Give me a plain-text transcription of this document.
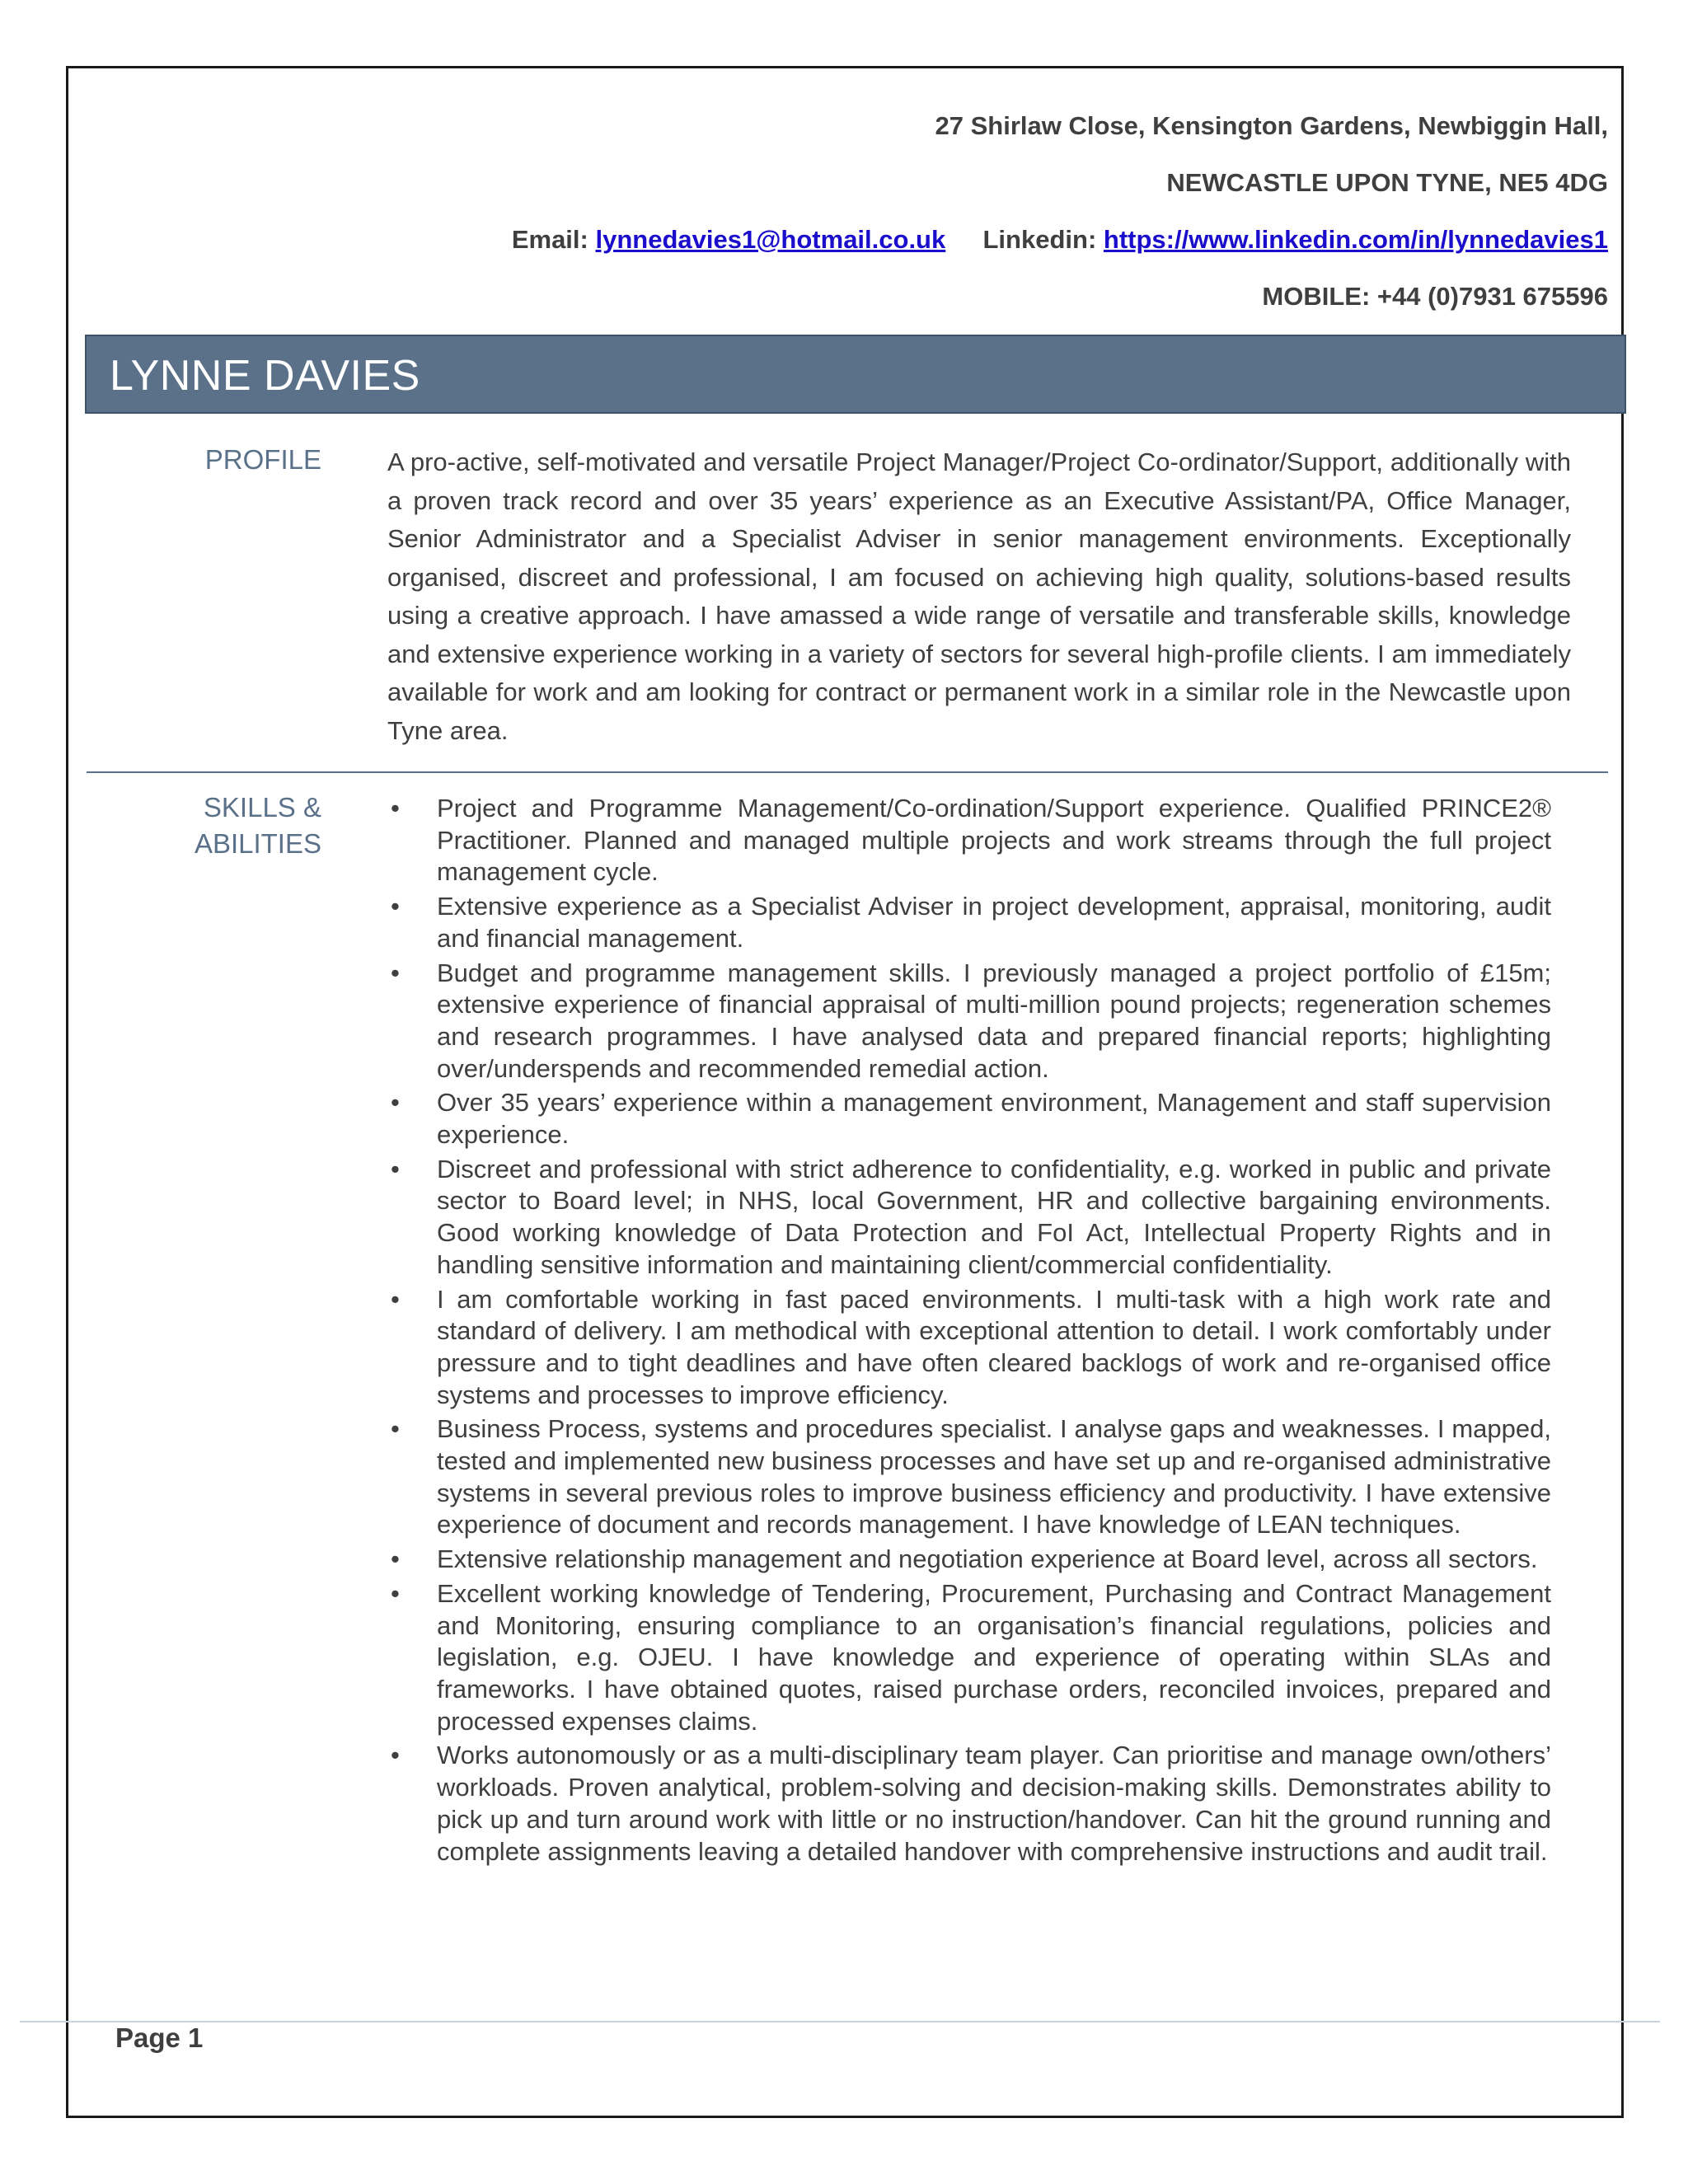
27 Shirlaw Close, Kensington Gardens, Newbiggin Hall,
NEWCASTLE UPON TYNE, NE5 4DG
Email: lynnedavies1@hotmail.co.uk Linkedin: https://www.linkedin.com/in/lynnedavies1
MOBILE: +44 (0)7931 675596
LYNNE DAVIES
PROFILE	A pro-active, self-motivated and versatile Project Manager/Project Co-ordinator/Support, additionally with a proven track record and over 35 years’ experience as an Executive Assistant/PA, Office Manager, Senior Administrator and a Specialist Adviser in senior management environments. Exceptionally organised, discreet and professional, I am focused on achieving high quality, solutions-based results using a creative approach. I have amassed a wide range of versatile and transferable skills, knowledge and extensive experience working in a variety of sectors for several high-profile clients. I am immediately available for work and am looking for contract or permanent work in a similar role in the Newcastle upon Tyne area.
SKILLS &
ABILITIES
• Project and Programme Management/Co-ordination/Support experience. Qualified PRINCE2® Practitioner. Planned and managed multiple projects and work streams through the full project management cycle.
• Extensive experience as a Specialist Adviser in project development, appraisal, monitoring, audit and financial management.
• Budget and programme management skills. I previously managed a project portfolio of £15m; extensive experience of financial appraisal of multi-million pound projects; regeneration schemes and research programmes. I have analysed data and prepared financial reports; highlighting over/underspends and recommended remedial action.
• Over 35 years’ experience within a management environment, Management and staff supervision experience.
• Discreet and professional with strict adherence to confidentiality, e.g. worked in public and private sector to Board level; in NHS, local Government, HR and collective bargaining environments. Good working knowledge of Data Protection and FoI Act, Intellectual Property Rights and in handling sensitive information and maintaining client/commercial confidentiality.
• I am comfortable working in fast paced environments. I multi-task with a high work rate and standard of delivery. I am methodical with exceptional attention to detail. I work comfortably under pressure and to tight deadlines and have often cleared backlogs of work and re-organised office systems and processes to improve efficiency.
• Business Process, systems and procedures specialist. I analyse gaps and weaknesses. I mapped, tested and implemented new business processes and have set up and re-organised administrative systems in several previous roles to improve business efficiency and productivity. I have extensive experience of document and records management. I have knowledge of LEAN techniques.
• Extensive relationship management and negotiation experience at Board level, across all sectors.
• Excellent working knowledge of Tendering, Procurement, Purchasing and Contract Management and Monitoring, ensuring compliance to an organisation’s financial regulations, policies and legislation, e.g. OJEU. I have knowledge and experience of operating within SLAs and frameworks. I have obtained quotes, raised purchase orders, reconciled invoices, prepared and processed expenses claims.
• Works autonomously or as a multi-disciplinary team player. Can prioritise and manage own/others’ workloads. Proven analytical, problem-solving and decision-making skills. Demonstrates ability to pick up and turn around work with little or no instruction/handover. Can hit the ground running and complete assignments leaving a detailed handover with comprehensive instructions and audit trail.
Page 1
